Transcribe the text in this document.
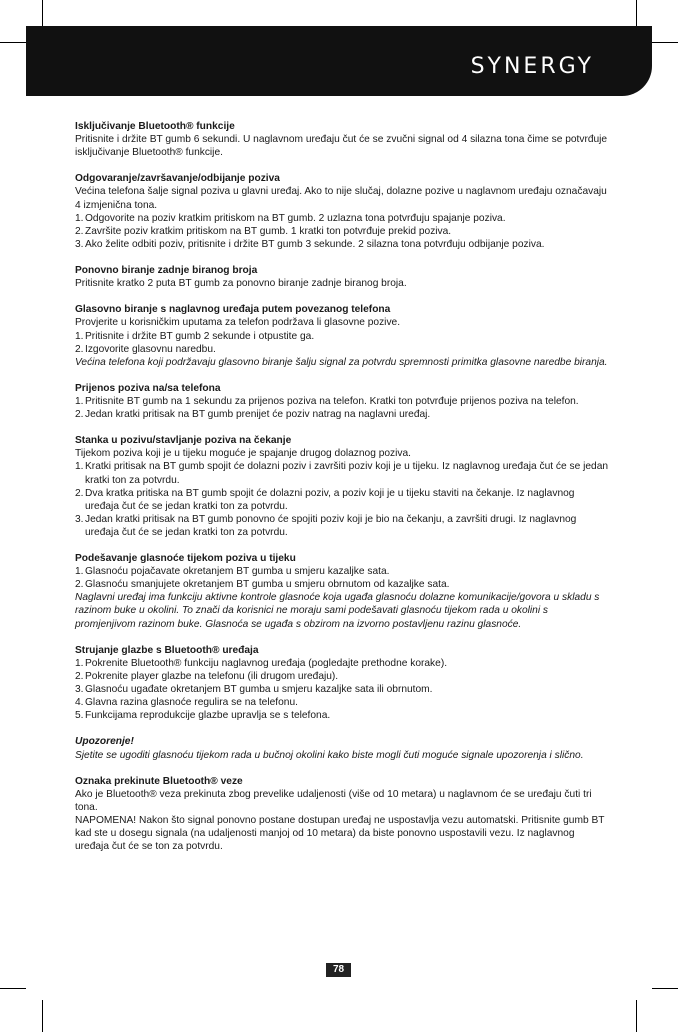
SYNERGY
Isključivanje Bluetooth® funkcije

Pritisnite i držite BT gumb 6 sekundi. U naglavnom uređaju čut će se zvučni signal od 4 silazna tona čime se potvrđuje isključivanje Bluetooth® funkcije.

Odgovaranje/završavanje/odbijanje poziva

Većina telefona šalje signal poziva u glavni uređaj. Ako to nije slučaj, dolazne pozive u naglavnom uređaju označavaju 4 izmjenična tona.

1. Odgovorite na poziv kratkim pritiskom na BT gumb. 2 uzlazna tona potvrđuju spajanje poziva.
2. Završite poziv kratkim pritiskom na BT gumb. 1 kratki ton potvrđuje prekid poziva.
3. Ako želite odbiti poziv, pritisnite i držite BT gumb 3 sekunde. 2 silazna tona potvrđuju odbijanje poziva.
Ponovno biranje zadnje biranog broja

Pritisnite kratko 2 puta BT gumb za ponovno biranje zadnje biranog broja.

Glasovno biranje s naglavnog uređaja putem povezanog telefona

Provjerite u korisničkim uputama za telefon podržava li glasovne pozive.

1. Pritisnite i držite BT gumb 2 sekunde i otpustite ga.
2. Izgovorite glasovnu naredbu.

Većina telefona koji podržavaju glasovno biranje šalju signal za potvrdu spremnosti primitka glasovne naredbe biranja.

Prijenos poziva na/sa telefona
1. Pritisnite BT gumb na 1 sekundu za prijenos poziva na telefon. Kratki ton potvrđuje prijenos poziva na telefon.
2. Jedan kratki pritisak na BT gumb prenijet će poziv natrag na naglavni uređaj.
Stanka u pozivu/stavljanje poziva na čekanje

Tijekom poziva koji je u tijeku moguće je spajanje drugog dolaznog poziva.

1. Kratki pritisak na BT gumb spojit će dolazni poziv i završiti poziv koji je u tijeku. Iz naglavnog uređaja čut će se jedan kratki ton za potvrdu.
2. Dva kratka pritiska na BT gumb spojit će dolazni poziv, a poziv koji je u tijeku staviti na čekanje. Iz naglavnog uređaja čut će se jedan kratki ton za potvrdu.
3. Jedan kratki pritisak na BT gumb ponovno će spojiti poziv koji je bio na čekanju, a završiti drugi. Iz naglavnog uređaja čut će se jedan kratki ton za potvrdu.
Podešavanje glasnoće tijekom poziva u tijeku
1. Glasnoću pojačavate okretanjem BT gumba u smjeru kazaljke sata.
2. Glasnoću smanjujete okretanjem BT gumba u smjeru obrnutom od kazaljke sata.

Naglavni uređaj ima funkciju aktivne kontrole glasnoće koja ugađa glasnoću dolazne komunikacije/govora u skladu s razinom buke u okolini. To znači da korisnici ne moraju sami podešavati glasnoću tijekom rada u okolini s promjenjivom razinom buke. Glasnoća se ugađa s obzirom na izvorno postavljenu razinu glasnoće.

Strujanje glazbe s Bluetooth® uređaja
1. Pokrenite Bluetooth® funkciju naglavnog uređaja (pogledajte prethodne korake).
2. Pokrenite player glazbe na telefonu (ili drugom uređaju).
3. Glasnoću ugađate okretanjem BT gumba u smjeru kazaljke sata ili obrnutom.
4. Glavna razina glasnoće regulira se na telefonu.
5. Funkcijama reprodukcije glazbe upravlja se s telefona.

Upozorenje!

Sjetite se ugoditi glasnoću tijekom rada u bučnoj okolini kako biste mogli čuti moguće signale upozorenja i slično.

Oznaka prekinute Bluetooth® veze

Ako je Bluetooth® veza prekinuta zbog prevelike udaljenosti (više od 10 metara) u naglavnom će se uređaju čuti tri tona.

NAPOMENA! Nakon što signal ponovno postane dostupan uređaj ne uspostavlja vezu automatski. Pritisnite gumb BT kad ste u dosegu signala (na udaljenosti manjoj od 10 metara) da biste ponovno uspostavili vezu. Iz naglavnog uređaja čut će se ton za potvrdu.

78
